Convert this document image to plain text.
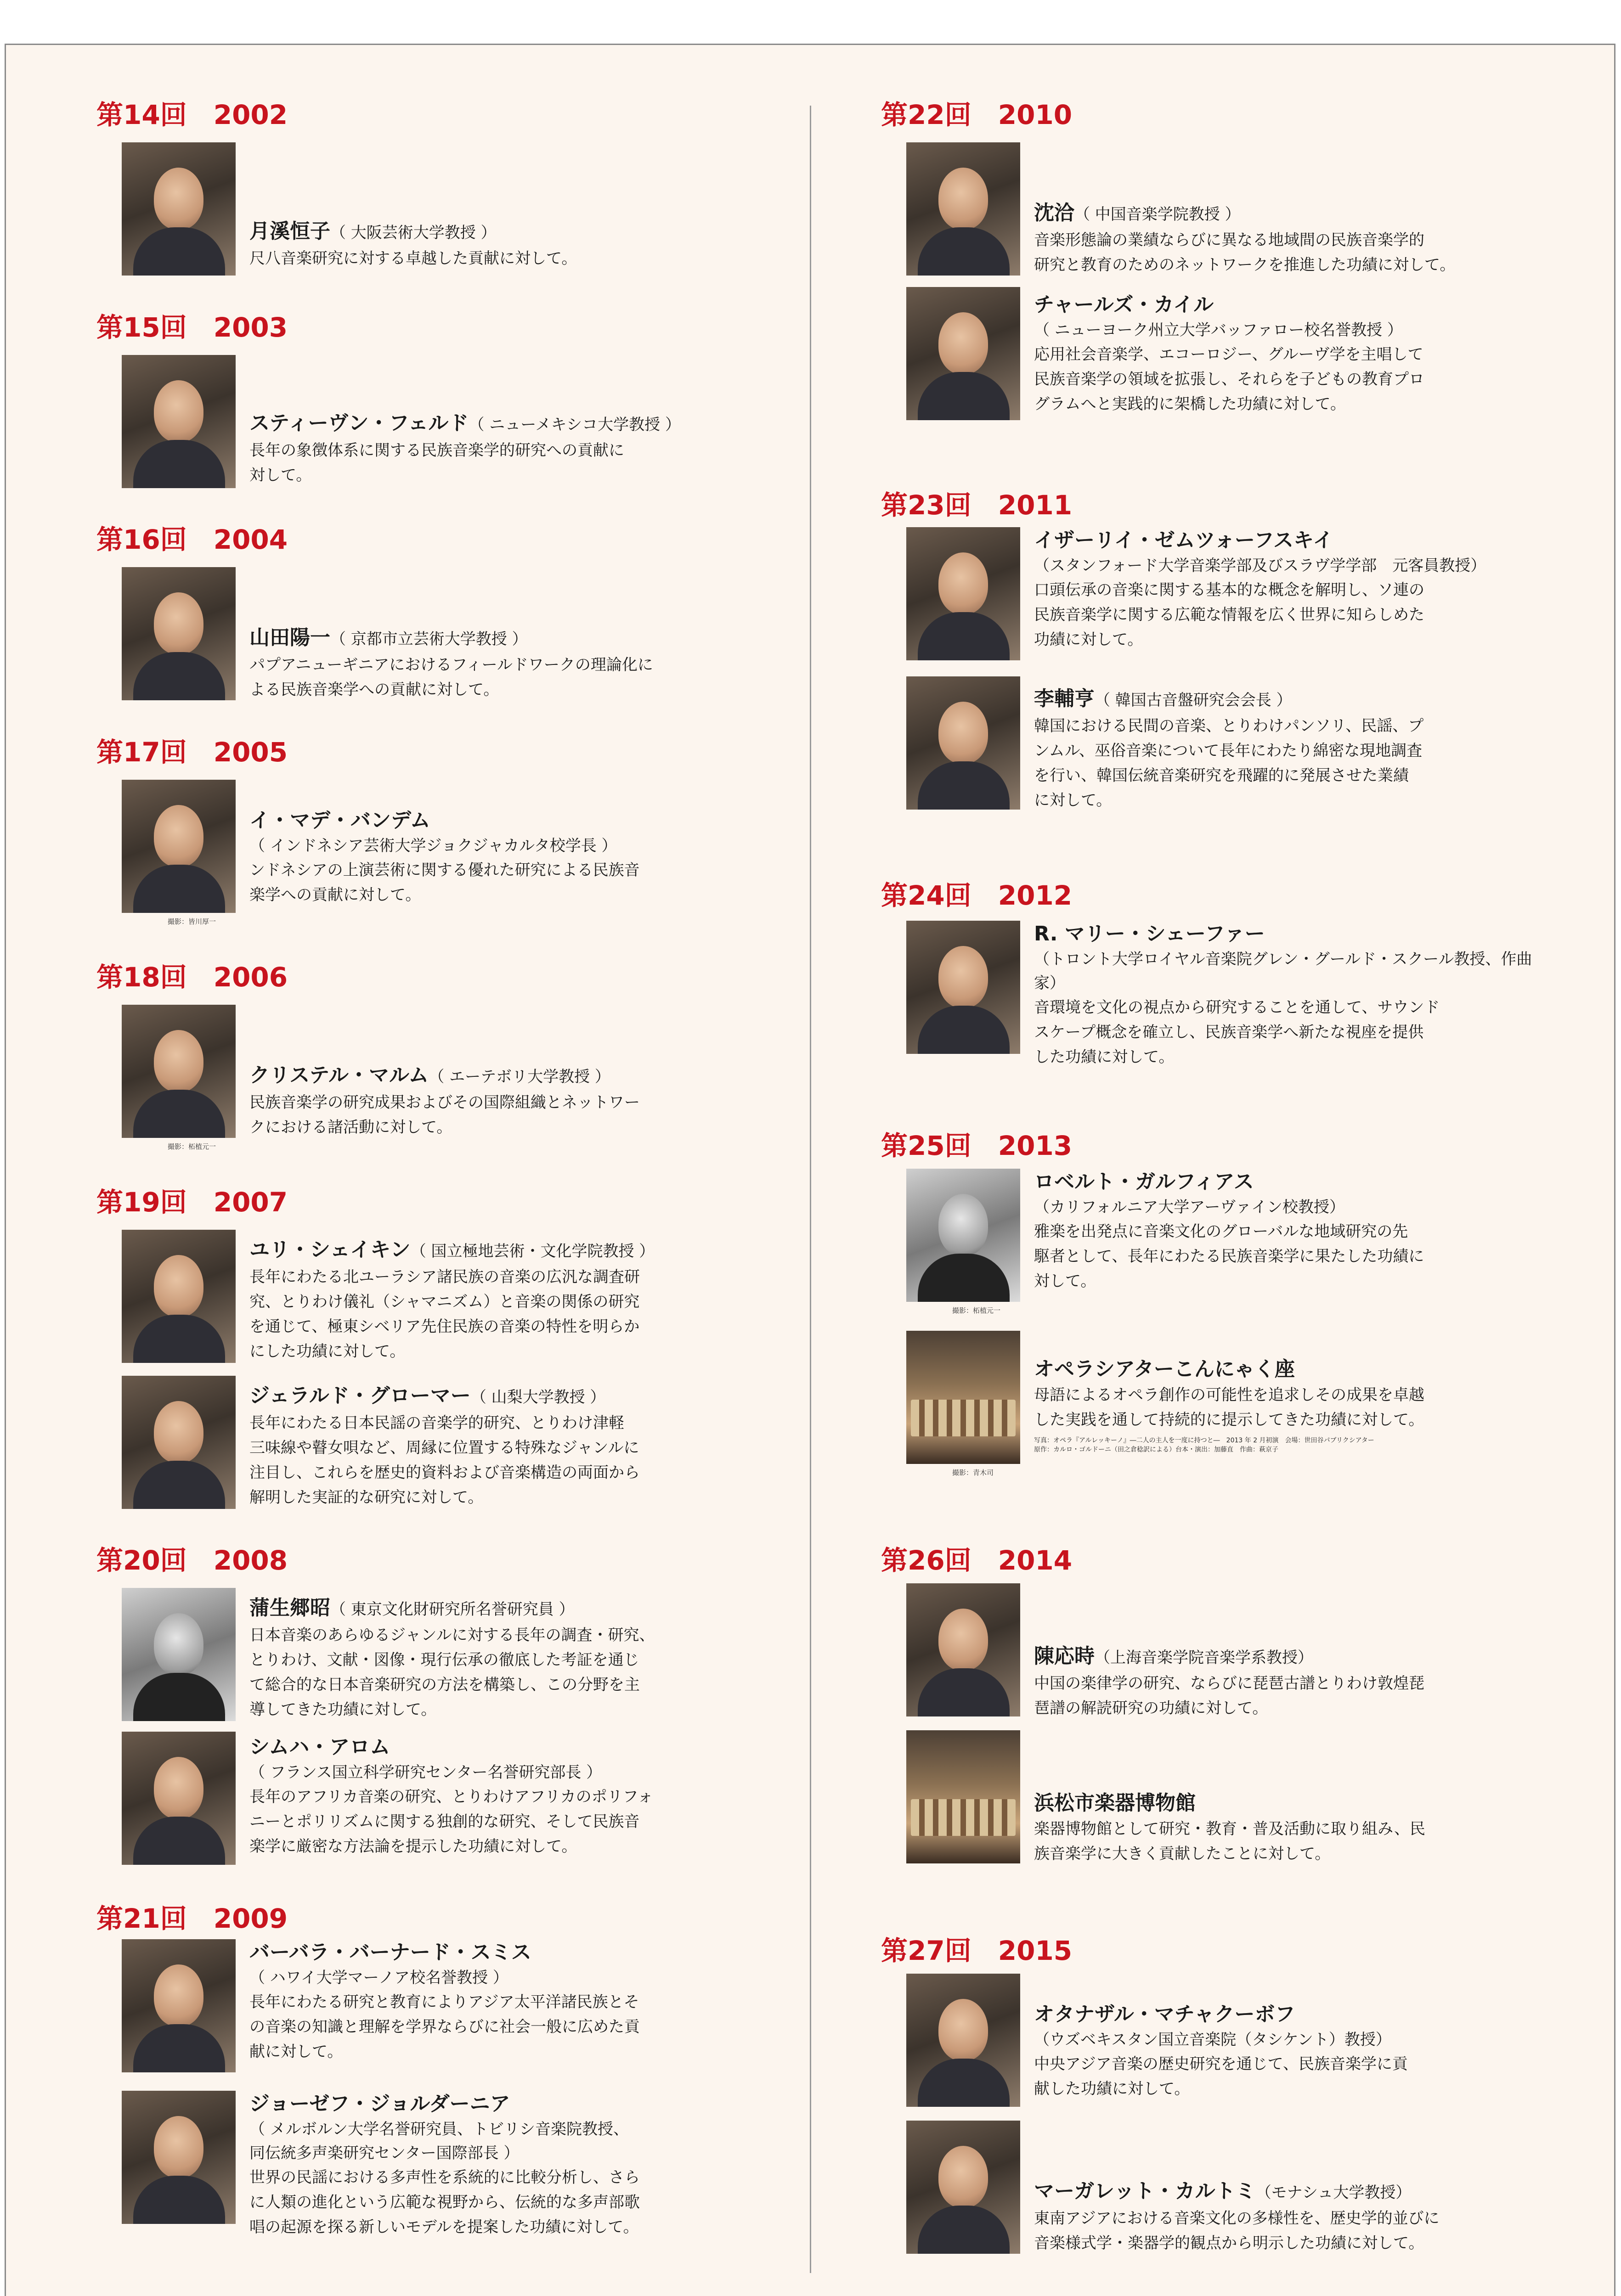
第14回　2002
月溪恒子（ 大阪芸術大学教授 ）

尺八音楽研究に対する卓越した貢献に対して。

第15回　2003
スティーヴン・フェルド（ ニューメキシコ大学教授 ）

長年の象徴体系に関する民族音楽学的研究への貢献に
対して。

第16回　2004
山田陽一（ 京都市立芸術大学教授 ）

パプアニューギニアにおけるフィールドワークの理論化に
よる民族音楽学への貢献に対して。

第17回　2005
撮影：皆川厚一
イ・マデ・バンデム
（ インドネシア芸術大学ジョクジャカルタ校学長 ）

ンドネシアの上演芸術に関する優れた研究による民族音
楽学への貢献に対して。

第18回　2006
撮影：柘植元一
クリステル・マルム（ エーテボリ大学教授 ）

民族音楽学の研究成果およびその国際組織とネットワー
クにおける諸活動に対して。

第19回　2007
ユリ・シェイキン（ 国立極地芸術・文化学院教授 ）

長年にわたる北ユーラシア諸民族の音楽の広汎な調査研
究、とりわけ儀礼（シャマニズム）と音楽の関係の研究
を通じて、極東シベリア先住民族の音楽の特性を明らか
にした功績に対して。

ジェラルド・グローマー（ 山梨大学教授 ）

長年にわたる日本民謡の音楽学的研究、とりわけ津軽
三味線や瞽女唄など、周縁に位置する特殊なジャンルに
注目し、これらを歴史的資料および音楽構造の両面から
解明した実証的な研究に対して。

第20回　2008
蒲生郷昭（ 東京文化財研究所名誉研究員 ）

日本音楽のあらゆるジャンルに対する長年の調査・研究、
とりわけ、文献・図像・現行伝承の徹底した考証を通じ
て総合的な日本音楽研究の方法を構築し、この分野を主
導してきた功績に対して。

シムハ・アロム
（ フランス国立科学研究センター名誉研究部長 ）

長年のアフリカ音楽の研究、とりわけアフリカのポリフォ
ニーとポリリズムに関する独創的な研究、そして民族音
楽学に厳密な方法論を提示した功績に対して。

第21回　2009
バーバラ・バーナード・スミス
（ ハワイ大学マーノア校名誉教授 ）

長年にわたる研究と教育によりアジア太平洋諸民族とそ
の音楽の知識と理解を学界ならびに社会一般に広めた貢
献に対して。

ジョーゼフ・ジョルダーニア
（ メルボルン大学名誉研究員、トビリシ音楽院教授、
同伝統多声楽研究センター国際部長 ）

世界の民謡における多声性を系統的に比較分析し、さら
に人類の進化という広範な視野から、伝統的な多声部歌
唱の起源を探る新しいモデルを提案した功績に対して。

第22回　2010
沈洽（ 中国音楽学院教授 ）

音楽形態論の業績ならびに異なる地域間の民族音楽学的
研究と教育のためのネットワークを推進した功績に対して。

チャールズ・カイル
（ ニューヨーク州立大学バッファロー校名誉教授 ）

応用社会音楽学、エコーロジー、グルーヴ学を主唱して
民族音楽学の領域を拡張し、それらを子どもの教育プロ
グラムへと実践的に架橋した功績に対して。

第23回　2011
イザーリイ・ゼムツォーフスキイ
（スタンフォード大学音楽学部及びスラヴ学学部　元客員教授）

口頭伝承の音楽に関する基本的な概念を解明し、ソ連の
民族音楽学に関する広範な情報を広く世界に知らしめた
功績に対して。

李輔亨（ 韓国古音盤研究会会長 ）

韓国における民間の音楽、とりわけパンソリ、民謡、プ
ンムル、巫俗音楽について長年にわたり綿密な現地調査
を行い、韓国伝統音楽研究を飛躍的に発展させた業績
に対して。

第24回　2012
R. マリー・シェーファー
（トロント大学ロイヤル音楽院グレン・グールド・スクール教授、作曲家）

音環境を文化の視点から研究することを通して、サウンド
スケープ概念を確立し、民族音楽学へ新たな視座を提供
した功績に対して。

第25回　2013
撮影：柘植元一
ロベルト・ガルフィアス
（カリフォルニア大学アーヴァイン校教授）

雅楽を出発点に音楽文化のグローバルな地域研究の先
駆者として、長年にわたる民族音楽学に果たした功績に
対して。

撮影：青木司
オペラシアターこんにゃく座

母語によるオペラ創作の可能性を追求しその成果を卓越
した実践を通して持続的に提示してきた功績に対して。

写真：オペラ『アルレッキーノ』―二人の主人を一度に持つと―　2013 年 2 月初演　会場：世田谷パブリクシアター
原作：カルロ・ゴルドーニ（田之倉稔訳による）台本・演出：加藤直　作曲：萩京子
第26回　2014
陳応時（上海音楽学院音楽学系教授）

中国の楽律学の研究、ならびに琵琶古譜とりわけ敦煌琵
琶譜の解読研究の功績に対して。

浜松市楽器博物館

楽器博物館として研究・教育・普及活動に取り組み、民
族音楽学に大きく貢献したことに対して。

第27回　2015
オタナザル・マチャクーボフ
（ウズベキスタン国立音楽院（タシケント）教授）

中央アジア音楽の歴史研究を通じて、民族音楽学に貢
献した功績に対して。

マーガレット・カルトミ（モナシュ大学教授）

東南アジアにおける音楽文化の多様性を、歴史学的並びに
音楽様式学・楽器学的観点から明示した功績に対して。
